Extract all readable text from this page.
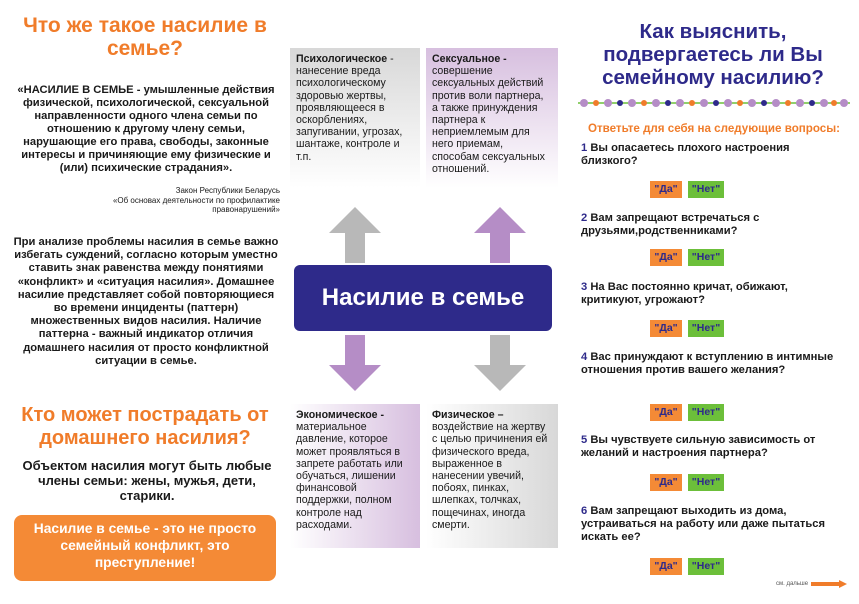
Что же такое насилие в семье?
«НАСИЛИЕ В СЕМЬЕ - умышленные действия физической, психологической, сексуальной направленности одного члена семьи по отношению к другому члену семьи, нарушающие его права, свободы, законные интересы и причиняющие ему физические и (или) психические страдания».
Закон Республики Беларусь
«Об основах деятельности по профилактике правонарушений»
При анализе проблемы насилия в семье важно избегать суждений, согласно которым уместно ставить знак равенства между понятиями «конфликт» и «ситуация насилия». Домашнее насилие представляет собой повторяющиеся во времени инциденты (паттерн) множественных видов насилия. Наличие паттерна - важный индикатор отличия домашнего насилия от просто конфликтной ситуации в семье.
Кто может пострадать от домашнего насилия?
Объектом насилия могут быть любые члены семьи: жены, мужья, дети, старики.
Насилие в семье - это не просто семейный конфликт, это преступление!
Психологическое - нанесение вреда психологическому здоровью жертвы, проявляющееся в оскорблениях, запугивании, угрозах, шантаже, контроле и т.п.
Сексуальное -
совершение сексуальных действий против воли партнера, а также принуждения партнера к неприемлемым для него приемам, способам сексуальных отношений.
Насилие в семье
Экономическое -
материальное давление, которое может проявляться в запрете работать или обучаться, лишении финансовой поддержки, полном контроле над расходами.
Физическое –
воздействие на жертву с целью причинения ей физического вреда, выраженное в нанесении увечий, побоях, пинках, шлепках, толчках, пощечинах, иногда смерти.
Как выяснить, подвергаетесь ли Вы семейному насилию?
Ответьте для себя на следующие вопросы:
1 Вы опасаетесь плохого настроения близкого?
"Да"	"Нет"
2 Вам запрещают встречаться с друзьями,родственниками?
"Да"	"Нет"
3 На Вас постоянно кричат, обижают, критикуют, угрожают?
"Да"	"Нет"
4 Вас принуждают к вступлению в интимные отношения против вашего желания?
"Да"	"Нет"
5 Вы чувствуете сильную зависимость от желаний и настроения партнера?
"Да"	"Нет"
6 Вам запрещают выходить из дома, устраиваться на работу или даже пытаться искать ее?
"Да"	"Нет"
см. дальше
